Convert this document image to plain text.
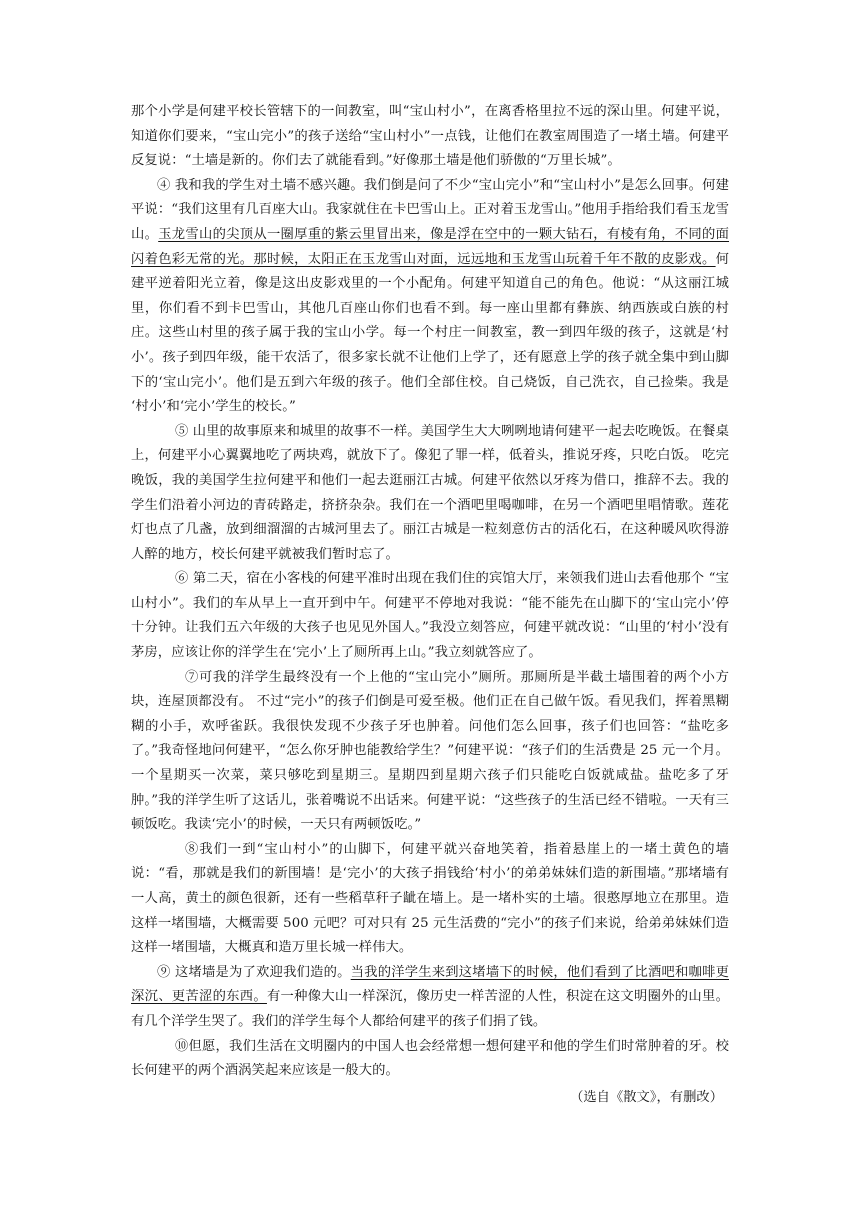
那个小学是何建平校长管辖下的一间教室，叫“宝山村小”，在离香格里拉不远的深山里。何建平说，知道你们要来，“宝山完小”的孩子送给“宝山村小”一点钱，让他们在教室周围造了一堵土墙。何建平反复说：“土墙是新的。你们去了就能看到。”好像那土墙是他们骄傲的“万里长城”。

④ 我和我的学生对土墙不感兴趣。我们倒是问了不少“宝山完小”和“宝山村小”是怎么回事。何建平说：“我们这里有几百座大山。我家就住在卡巴雪山上。正对着玉龙雪山。”他用手指给我们看玉龙雪山。玉龙雪山的尖顶从一圈厚重的紫云里冒出来，像是浮在空中的一颗大钻石，有棱有角，不同的面闪着色彩无常的光。那时候，太阳正在玉龙雪山对面，远远地和玉龙雪山玩着千年不散的皮影戏。何建平逆着阳光立着，像是这出皮影戏里的一个小配角。何建平知道自己的角色。他说：“从这丽江城里，你们看不到卡巴雪山，其他几百座山你们也看不到。每一座山里都有彝族、纳西族或白族的村庄。这些山村里的孩子属于我的宝山小学。每一个村庄一间教室，教一到四年级的孩子，这就是‘村小’。孩子到四年级，能干农活了，很多家长就不让他们上学了，还有愿意上学的孩子就全集中到山脚下的‘宝山完小’。他们是五到六年级的孩子。他们全部住校。自己烧饭，自己洗衣，自己捡柴。我是 ‘村小’和‘完小’学生的校长。”

⑤ 山里的故事原来和城里的故事不一样。美国学生大大咧咧地请何建平一起去吃晚饭。在餐桌上，何建平小心翼翼地吃了两块鸡，就放下了。像犯了罪一样，低着头，推说牙疼，只吃白饭。 吃完晚饭，我的美国学生拉何建平和他们一起去逛丽江古城。何建平依然以牙疼为借口，推辞不去。我的学生们沿着小河边的青砖路走，挤挤杂杂。我们在一个酒吧里喝咖啡，在另一个酒吧里唱情歌。莲花灯也点了几盏，放到细溜溜的古城河里去了。丽江古城是一粒刻意仿古的活化石，在这种暖风吹得游人醉的地方，校长何建平就被我们暂时忘了。

⑥ 第二天，宿在小客栈的何建平准时出现在我们住的宾馆大厅，来领我们进山去看他那个 “宝山村小”。我们的车从早上一直开到中午。何建平不停地对我说：“能不能先在山脚下的‘宝山完小’停十分钟。让我们五六年级的大孩子也见见外国人。”我没立刻答应，何建平就改说：“山里的‘村小’没有茅房，应该让你的洋学生在‘完小’上了厕所再上山。”我立刻就答应了。

⑦可我的洋学生最终没有一个上他的“宝山完小”厕所。那厕所是半截土墙围着的两个小方块，连屋顶都没有。 不过“完小”的孩子们倒是可爱至极。他们正在自己做午饭。看见我们，挥着黑糊糊的小手，欢呼雀跃。我很快发现不少孩子牙也肿着。问他们怎么回事，孩子们也回答：“盐吃多了。”我奇怪地问何建平，“怎么你牙肿也能教给学生？”何建平说：“孩子们的生活费是 25 元一个月。一个星期买一次菜，菜只够吃到星期三。星期四到星期六孩子们只能吃白饭就咸盐。盐吃多了牙肿。”我的洋学生听了这话儿，张着嘴说不出话来。何建平说：“这些孩子的生活已经不错啦。一天有三顿饭吃。我读‘完小’的时候，一天只有两顿饭吃。”

⑧我们一到“宝山村小”的山脚下，何建平就兴奋地笑着，指着悬崖上的一堵土黄色的墙说：“看，那就是我们的新围墙！是‘完小’的大孩子捐钱给‘村小’的弟弟妹妹们造的新围墙。”那堵墙有一人高，黄土的颜色很新，还有一些稻草秆子龇在墙上。是一堵朴实的土墙。很憨厚地立在那里。造这样一堵围墙，大概需要 500 元吧？可对只有 25 元生活费的“完小”的孩子们来说，给弟弟妹妹们造这样一堵围墙，大概真和造万里长城一样伟大。

⑨ 这堵墙是为了欢迎我们造的。当我的洋学生来到这堵墙下的时候，他们看到了比酒吧和咖啡更深沉、更苦涩的东西。有一种像大山一样深沉，像历史一样苦涩的人性，积淀在这文明圈外的山里。有几个洋学生哭了。我们的洋学生每个人都给何建平的孩子们捐了钱。

⑩但愿，我们生活在文明圈内的中国人也会经常想一想何建平和他的学生们时常肿着的牙。校长何建平的两个酒涡笑起来应该是一般大的。

（选自《散文》，有删改）
